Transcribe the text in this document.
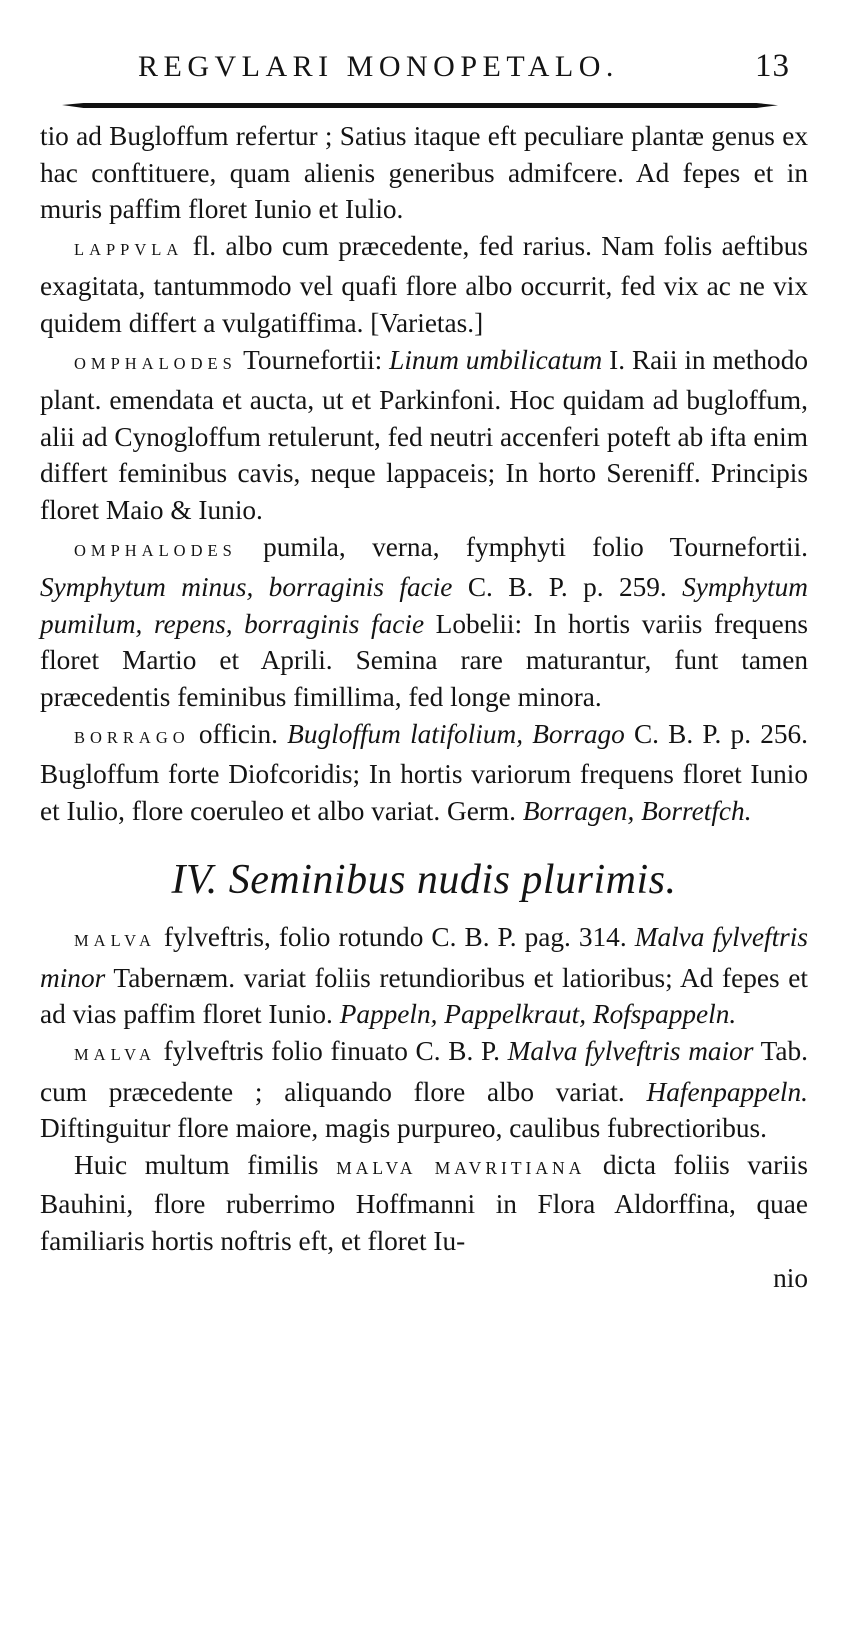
REGVLARI MONOPETALO.	13

tio ad Bugloffum refertur ; Satius itaque eft peculiare plantæ genus ex hac conftituere, quam alienis generibus admifcere. Ad fepes et in muris paffim floret Iunio et Iulio.

LAPPVLA fl. albo cum præcedente, fed rarius. Nam folis aeftibus exagitata, tantummodo vel quafi flore albo occurrit, fed vix ac ne vix quidem differt a vulgatiffima. [Varietas.]

OMPHALODES Tournefortii: Linum umbilicatum I. Raii in methodo plant. emendata et aucta, ut et Parkinfoni. Hoc quidam ad bugloffum, alii ad Cynogloffum retulerunt, fed neutri accenferi poteft ab ifta enim differt feminibus cavis, neque lappaceis; In horto Sereniff. Principis floret Maio & Iunio.

OMPHALODES pumila, verna, fymphyti folio Tournefortii. Symphytum minus, borraginis facie C. B. P. p. 259. Symphytum pumilum, repens, borraginis facie Lobelii: In hortis variis frequens floret Martio et Aprili. Semina rare maturantur, funt tamen præcedentis feminibus fimillima, fed longe minora.

BORRAGO officin. Bugloffum latifolium, Borrago C. B. P. p. 256. Bugloffum forte Diofcoridis; In hortis variorum frequens floret Iunio et Iulio, flore coeruleo et albo variat. Germ. Borragen, Borretfch.

IV. Seminibus nudis plurimis.

MALVA fylveftris, folio rotundo C. B. P. pag. 314. Malva fylveftris minor Tabernæm. variat foliis retundioribus et latioribus; Ad fepes et ad vias paffim floret Iunio. Pappeln, Pappelkraut, Rofspappeln.

MALVA fylveftris folio finuato C. B. P. Malva fylveftris maior Tab. cum præcedente ; aliquando flore albo variat. Hafenpappeln. Diftinguitur flore maiore, magis purpureo, caulibus fubrectioribus.

Huic multum fimilis MALVA MAVRITIANA dicta foliis variis Bauhini, flore ruberrimo Hoffmanni in Flora Aldorffina, quae familiaris hortis noftris eft, et floret Iu-

nio
